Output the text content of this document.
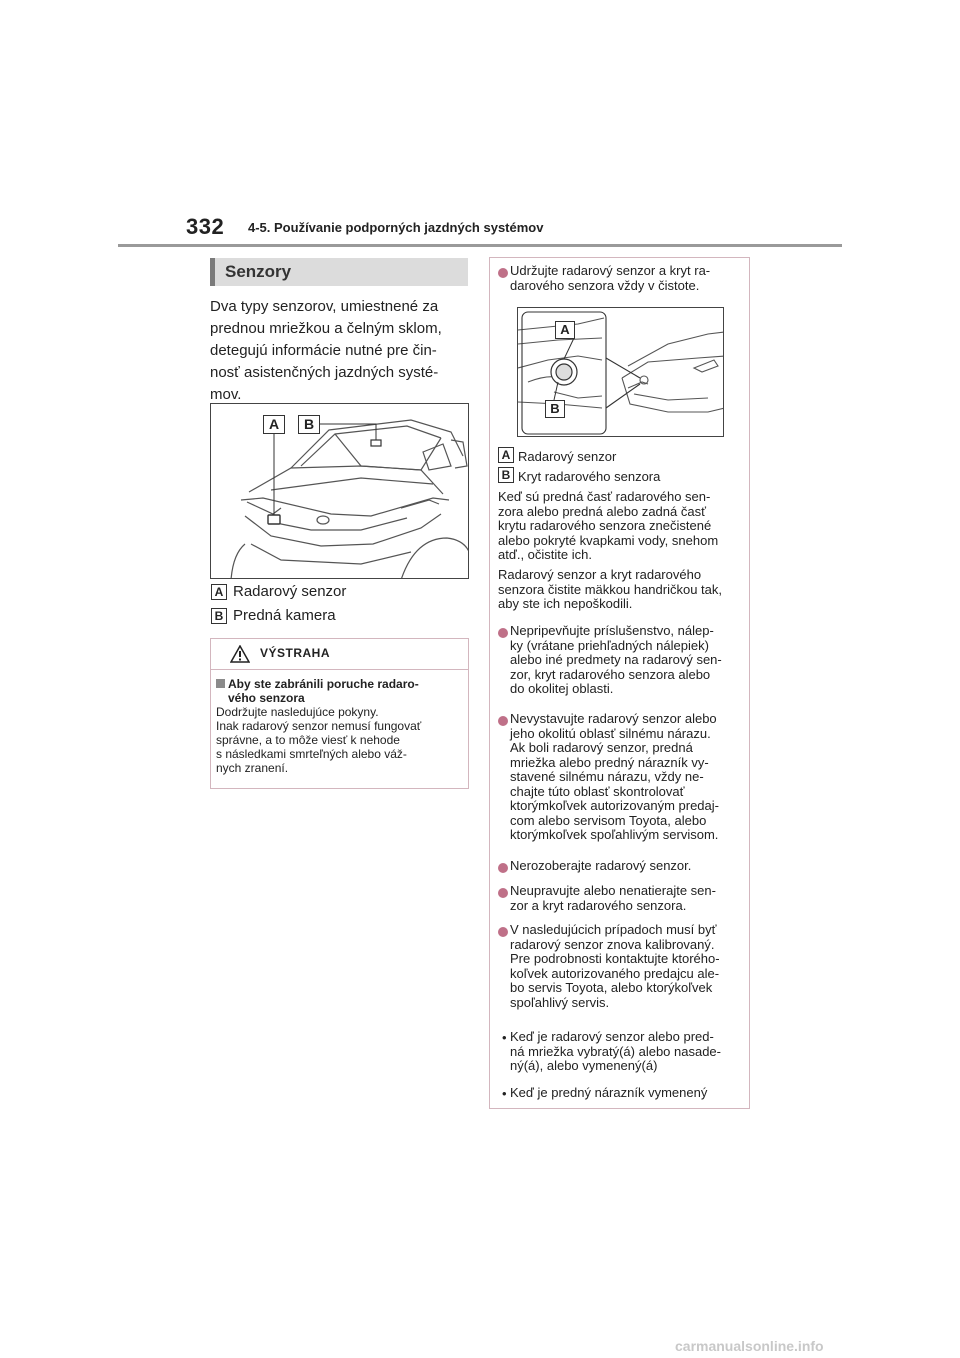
332 4-5. Používanie podporných jazdných systémov
Senzory
Dva typy senzorov, umiestnené za
prednou mriežkou a čelným sklom,
detegujú informácie nutné pre čin-
nosť asistenčných jazdných systé-
mov.
A	B
A Radarový senzor
B Predná kamera
VÝSTRAHA
Aby ste zabránili poruche radaro-
vého senzora
Dodržujte nasledujúce pokyny.
Inak radarový senzor nemusí fungovať
správne, a to môže viesť k nehode
s následkami smrteľných alebo váž-
nych zranení.
Udržujte radarový senzor a kryt ra-
darového senzora vždy v čistote.
A
B
A Radarový senzor
B Kryt radarového senzora
Keď sú predná časť radarového sen-
zora alebo predná alebo zadná časť
krytu radarového senzora znečistené
alebo pokryté kvapkami vody, snehom
atď., očistite ich.
Radarový senzor a kryt radarového
senzora čistite mäkkou handričkou tak,
aby ste ich nepoškodili.
Nepripevňujte príslušenstvo, nálep-
ky (vrátane priehľadných nálepiek)
alebo iné predmety na radarový sen-
zor, kryt radarového senzora alebo
do okolitej oblasti.
Nevystavujte radarový senzor alebo
jeho okolitú oblasť silnému nárazu.
Ak boli radarový senzor, predná
mriežka alebo predný nárazník vy-
stavené silnému nárazu, vždy ne-
chajte túto oblasť skontrolovať
ktorýmkoľvek autorizovaným predaj-
com alebo servisom Toyota, alebo
ktorýmkoľvek spoľahlivým servisom.
Nerozoberajte radarový senzor.
Neupravujte alebo nenatierajte sen-
zor a kryt radarového senzora.
V nasledujúcich prípadoch musí byť
radarový senzor znova kalibrovaný.
Pre podrobnosti kontaktujte ktorého-
koľvek autorizovaného predajcu ale-
bo servis Toyota, alebo ktorýkoľvek
spoľahlivý servis.
• Keď je radarový senzor alebo pred-
ná mriežka vybratý(á) alebo nasade-
ný(á), alebo vymenený(á)
• Keď je predný nárazník vymenený
carmanualsonline.info
